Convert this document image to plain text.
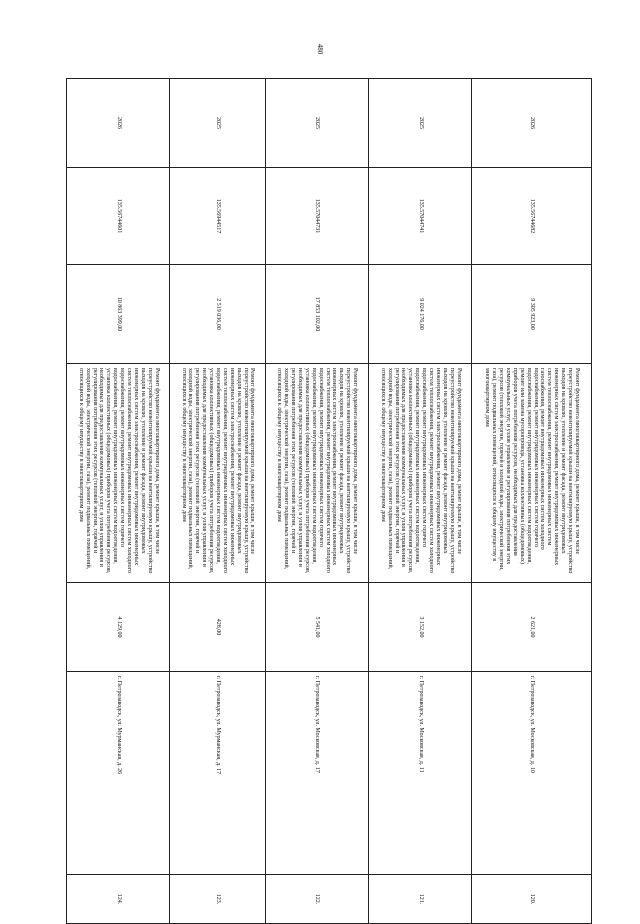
480
2026	135.56744682	9 305 923,00	Ремонт фундамента многоквартирного дома, ремонт крыши, в том числе переустройство невентилируемой крыши на вентилируемую крышу, устройство выходов на кровлю, утепление и ремонт фасада, ремонт внутридомовых инженерных систем электроснабжения, ремонт внутридомовых инженерных систем теплоснабжения, ремонт внутридомовых инженерных систем газоснабжения, ремонт внутридомовых инженерных систем холодного водоснабжения, ремонт внутридомовых инженерных систем горячего водоснабжения, ремонт внутридомовых инженерных систем водоотведения, ремонт или замена мусоропровода, установка коллективных (общедомовых) приборов учета потребления ресурсов, необходимых для предоставления коммунальных услуг, и узлов управления и регулирования потребления этих ресурсов (тепловой энергии, горячей и холодной воды, электрической энергии, газа), ремонт подвальных помещений, относящихся к общему имуществу в многоквартирном доме	2 621,00	г. Петрозаводск, ул. Московская, д. 10	120.
2025	135.57044741	9 024 176,00	Ремонт фундамента многоквартирного дома, ремонт крыши, в том числе переустройство невентилируемой крыши на вентилируемую крышу, устройство выходов на кровлю, утепление и ремонт фасада, ремонт внутридомовых инженерных систем электроснабжения, ремонт внутридомовых инженерных систем теплоснабжения, ремонт внутридомовых инженерных систем холодного водоснабжения, ремонт внутридомовых инженерных систем горячего водоснабжения, ремонт внутридомовых инженерных систем водоотведения, установка коллективных (общедомовых) приборов учета потребления ресурсов, необходимых для предоставления коммунальных услуг, и узлов управления и регулирования потребления этих ресурсов (тепловой энергии, горячей и холодной воды, электрической энергии, газа), ремонт подвальных помещений, относящихся к общему имуществу в многоквартирном доме	3 152,00	г. Петрозаводск, ул. Московская, д. 11	121.
2025	135.57044731	17 853 102,00	Ремонт фундамента многоквартирного дома, ремонт крыши, в том числе переустройство невентилируемой крыши на вентилируемую крышу, устройство выходов на кровлю, утепление и ремонт фасада, ремонт внутридомовых инженерных систем электроснабжения, ремонт внутридомовых инженерных систем теплоснабжения, ремонт внутридомовых инженерных систем холодного водоснабжения, ремонт внутридомовых инженерных систем горячего водоснабжения, ремонт внутридомовых инженерных систем водоотведения, установка коллективных (общедомовых) приборов учета потребления ресурсов, необходимых для предоставления коммунальных услуг, и узлов управления и регулирования потребления этих ресурсов (тепловой энергии, горячей и холодной воды, электрической энергии, газа), ремонт подвальных помещений, относящихся к общему имуществу в многоквартирном доме	5 541,00	г. Петрозаводск, ул. Московская, д. 17	122.
2025	135.56944517	2 519 036,00	Ремонт фундамента многоквартирного дома, ремонт крыши, в том числе переустройство невентилируемой крыши на вентилируемую крышу, устройство выходов на кровлю, утепление и ремонт фасада, ремонт внутридомовых инженерных систем электроснабжения, ремонт внутридомовых инженерных систем теплоснабжения, ремонт внутридомовых инженерных систем холодного водоснабжения, ремонт внутридомовых инженерных систем водоотведения, установка коллективных (общедомовых) приборов учета потребления ресурсов, необходимых для предоставления коммунальных услуг, и узлов управления и регулирования потребления этих ресурсов (тепловой энергии, горячей и холодной воды, электрической энергии, газа), ремонт подвальных помещений, относящихся к общему имуществу в многоквартирном доме	428,00	г. Петрозаводск, ул. Мурманская, д. 17	123.
2026	135.56744601	10 863 399,00	Ремонт фундамента многоквартирного дома, ремонт крыши, в том числе переустройство невентилируемой крыши на вентилируемую крышу, устройство выходов на кровлю, утепление и ремонт фасада, ремонт внутридомовых инженерных систем электроснабжения, ремонт внутридомовых инженерных систем теплоснабжения, ремонт внутридомовых инженерных систем холодного водоснабжения, ремонт внутридомовых инженерных систем горячего водоснабжения, ремонт внутридомовых инженерных систем водоотведения, установка коллективных (общедомовых) приборов учета потребления ресурсов, необходимых для предоставления коммунальных услуг, и узлов управления и регулирования потребления этих ресурсов (тепловой энергии, горячей и холодной воды, электрической энергии, газа), ремонт подвальных помещений, относящихся к общему имуществу в многоквартирном доме	4 129,00	г. Петрозаводск, ул. Мурманская, д. 26	124.
